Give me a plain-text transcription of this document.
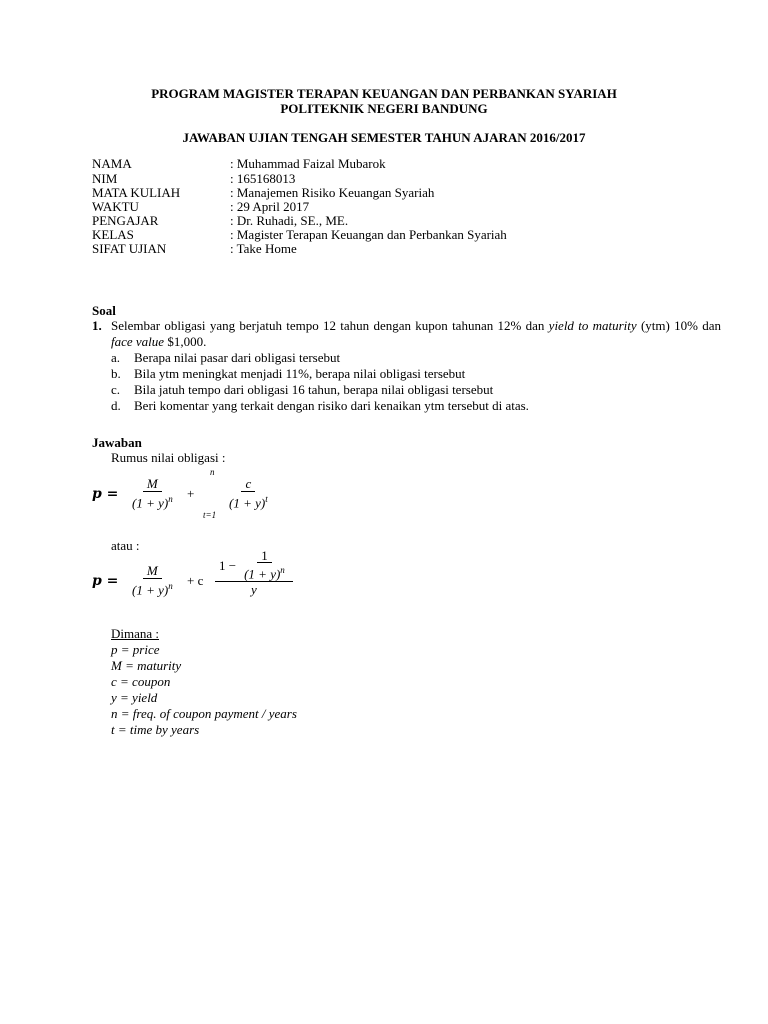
PROGRAM MAGISTER TERAPAN KEUANGAN DAN PERBANKAN SYARIAH
POLITEKNIK NEGERI BANDUNG
JAWABAN UJIAN TENGAH SEMESTER TAHUN AJARAN 2016/2017
NAMA	: Muhammad Faizal Mubarok
NIM	: 165168013
MATA KULIAH	: Manajemen Risiko Keuangan Syariah
WAKTU	: 29 April 2017
PENGAJAR	: Dr. Ruhadi, SE., ME.
KELAS	: Magister Terapan Keuangan dan Perbankan Syariah
SIFAT UJIAN	: Take Home
Soal
1. Selembar obligasi yang berjatuh tempo 12 tahun dengan kupon tahunan 12% dan yield to maturity (ytm) 10% dan face value $1,000.
a. Berapa nilai pasar dari obligasi tersebut
b. Bila ytm meningkat menjadi 11%, berapa nilai obligasi tersebut
c. Bila jatuh tempo dari obligasi 16 tahun, berapa nilai obligasi tersebut
d. Beri komentar yang terkait dengan risiko dari kenaikan ytm tersebut di atas.
Jawaban
Rumus nilai obligasi :
$p = \frac{M}{(1 + y)^n}$ +
n
t=1
$\frac{c}{(1 + y)^t}$
atau :
$p = \frac{M}{(1 + y)^n} + c \frac{1 - \frac{1}{(1 + y)^n}}{y}$
Dimana :
p = price
M = maturity
c = coupon
y = yield
n = freq. of coupon payment / years
t = time by years
